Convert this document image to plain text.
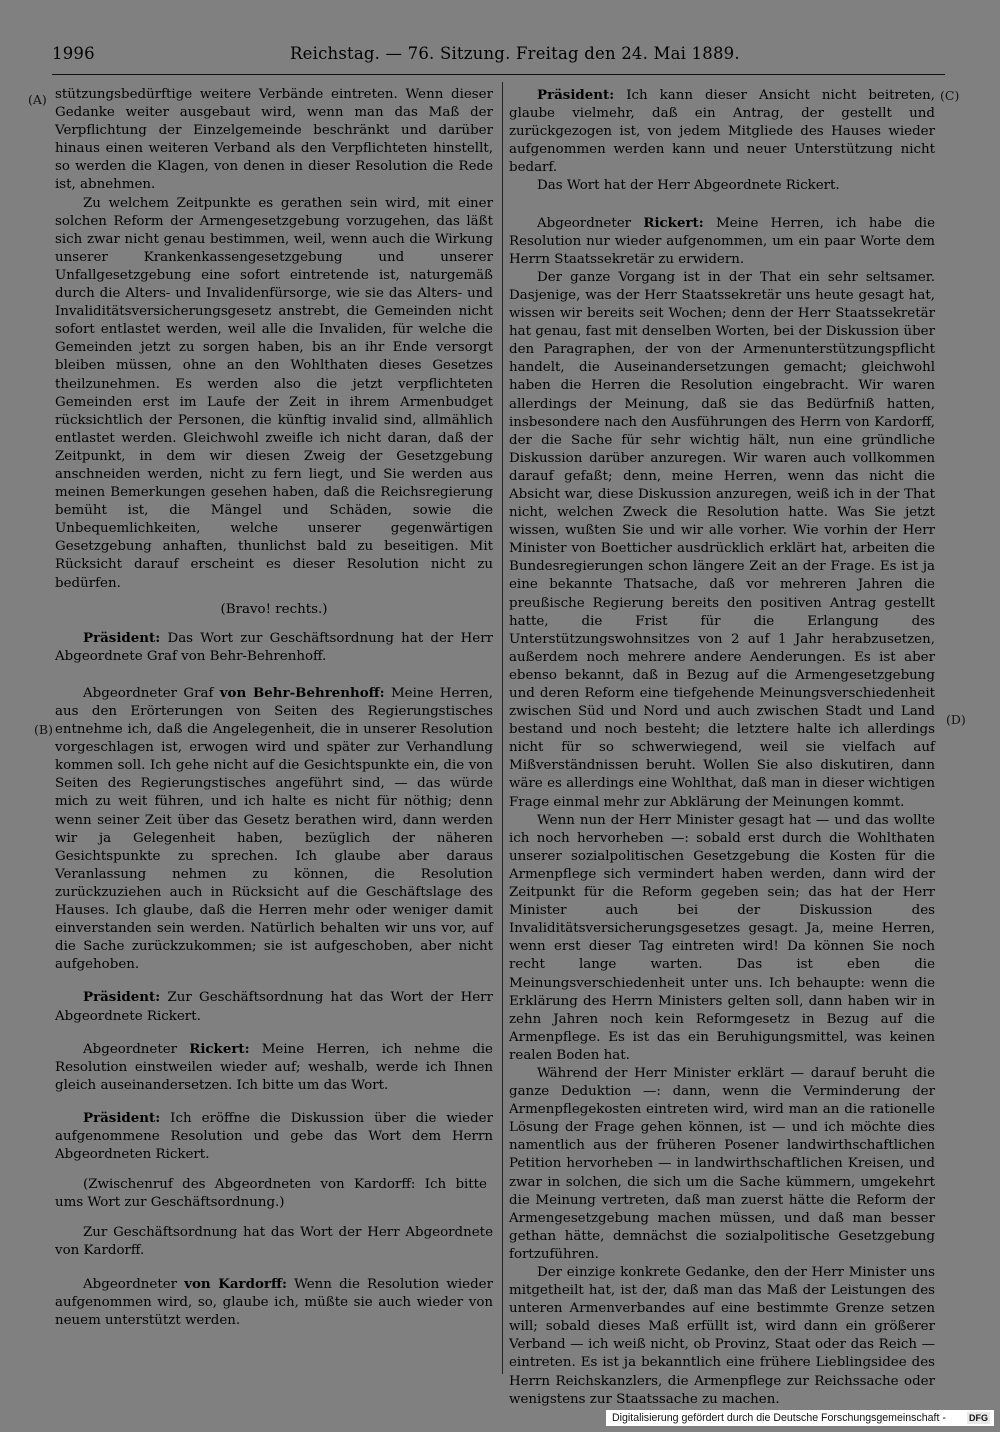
1996	Reichstag. — 76. Sitzung. Freitag den 24. Mai 1889.
(A)
(B)
(C)
(D)

stützungsbedürftige weitere Verbände eintreten. Wenn dieser Gedanke weiter ausgebaut wird, wenn man das Maß der Verpflichtung der Einzelgemeinde beschränkt und darüber hinaus einen weiteren Verband als den Verpflichteten hinstellt, so werden die Klagen, von denen in dieser Resolution die Rede ist, abnehmen.

Zu welchem Zeitpunkte es gerathen sein wird, mit einer solchen Reform der Armengesetzgebung vorzugehen, das läßt sich zwar nicht genau bestimmen, weil, wenn auch die Wirkung unserer Krankenkassengesetzgebung und unserer Unfallgesetzgebung eine sofort eintretende ist, naturgemäß durch die Alters- und Invalidenfürsorge, wie sie das Alters- und Invaliditätsversicherungsgesetz anstrebt, die Gemeinden nicht sofort entlastet werden, weil alle die Invaliden, für welche die Gemeinden jetzt zu sorgen haben, bis an ihr Ende versorgt bleiben müssen, ohne an den Wohlthaten dieses Gesetzes theilzunehmen. Es werden also die jetzt verpflichteten Gemeinden erst im Laufe der Zeit in ihrem Armenbudget rücksichtlich der Personen, die künftig invalid sind, allmählich entlastet werden. Gleichwohl zweifle ich nicht daran, daß der Zeitpunkt, in dem wir diesen Zweig der Gesetzgebung anschneiden werden, nicht zu fern liegt, und Sie werden aus meinen Bemerkungen gesehen haben, daß die Reichsregierung bemüht ist, die Mängel und Schäden, sowie die Unbequemlichkeiten, welche unserer gegenwärtigen Gesetzgebung anhaften, thunlichst bald zu beseitigen. Mit Rücksicht darauf erscheint es dieser Resolution nicht zu bedürfen.

(Bravo! rechts.)

Präsident: Das Wort zur Geschäftsordnung hat der Herr Abgeordnete Graf von Behr-Behrenhoff.

Abgeordneter Graf von Behr-Behrenhoff: Meine Herren, aus den Erörterungen von Seiten des Regierungstisches entnehme ich, daß die Angelegenheit, die in unserer Resolution vorgeschlagen ist, erwogen wird und später zur Verhandlung kommen soll. Ich gehe nicht auf die Gesichtspunkte ein, die von Seiten des Regierungstisches angeführt sind, — das würde mich zu weit führen, und ich halte es nicht für nöthig; denn wenn seiner Zeit über das Gesetz berathen wird, dann werden wir ja Gelegenheit haben, bezüglich der näheren Gesichtspunkte zu sprechen. Ich glaube aber daraus Veranlassung nehmen zu können, die Resolution zurückzuziehen auch in Rücksicht auf die Geschäftslage des Hauses. Ich glaube, daß die Herren mehr oder weniger damit einverstanden sein werden. Natürlich behalten wir uns vor, auf die Sache zurückzukommen; sie ist aufgeschoben, aber nicht aufgehoben.

Präsident: Zur Geschäftsordnung hat das Wort der Herr Abgeordnete Rickert.

Abgeordneter Rickert: Meine Herren, ich nehme die Resolution einstweilen wieder auf; weshalb, werde ich Ihnen gleich auseinandersetzen. Ich bitte um das Wort.

Präsident: Ich eröffne die Diskussion über die wieder aufgenommene Resolution und gebe das Wort dem Herrn Abgeordneten Rickert.

(Zwischenruf des Abgeordneten von Kardorff: Ich bitte ums Wort zur Geschäftsordnung.)

Zur Geschäftsordnung hat das Wort der Herr Abgeordnete von Kardorff.

Abgeordneter von Kardorff: Wenn die Resolution wieder aufgenommen wird, so, glaube ich, müßte sie auch wieder von neuem unterstützt werden.

Präsident: Ich kann dieser Ansicht nicht beitreten, glaube vielmehr, daß ein Antrag, der gestellt und zurückgezogen ist, von jedem Mitgliede des Hauses wieder aufgenommen werden kann und neuer Unterstützung nicht bedarf.

Das Wort hat der Herr Abgeordnete Rickert.

Abgeordneter Rickert: Meine Herren, ich habe die Resolution nur wieder aufgenommen, um ein paar Worte dem Herrn Staatssekretär zu erwidern.

Der ganze Vorgang ist in der That ein sehr seltsamer. Dasjenige, was der Herr Staatssekretär uns heute gesagt hat, wissen wir bereits seit Wochen; denn der Herr Staatssekretär hat genau, fast mit denselben Worten, bei der Diskussion über den Paragraphen, der von der Armenunterstützungspflicht handelt, die Auseinandersetzungen gemacht; gleichwohl haben die Herren die Resolution eingebracht. Wir waren allerdings der Meinung, daß sie das Bedürfniß hatten, insbesondere nach den Ausführungen des Herrn von Kardorff, der die Sache für sehr wichtig hält, nun eine gründliche Diskussion darüber anzuregen. Wir waren auch vollkommen darauf gefaßt; denn, meine Herren, wenn das nicht die Absicht war, diese Diskussion anzuregen, weiß ich in der That nicht, welchen Zweck die Resolution hatte. Was Sie jetzt wissen, wußten Sie und wir alle vorher. Wie vorhin der Herr Minister von Boetticher ausdrücklich erklärt hat, arbeiten die Bundesregierungen schon längere Zeit an der Frage. Es ist ja eine bekannte Thatsache, daß vor mehreren Jahren die preußische Regierung bereits den positiven Antrag gestellt hatte, die Frist für die Erlangung des Unterstützungswohnsitzes von 2 auf 1 Jahr herabzusetzen, außerdem noch mehrere andere Aenderungen. Es ist aber ebenso bekannt, daß in Bezug auf die Armengesetzgebung und deren Reform eine tiefgehende Meinungsverschiedenheit zwischen Süd und Nord und auch zwischen Stadt und Land bestand und noch besteht; die letztere halte ich allerdings nicht für so schwerwiegend, weil sie vielfach auf Mißverständnissen beruht. Wollen Sie also diskutiren, dann wäre es allerdings eine Wohlthat, daß man in dieser wichtigen Frage einmal mehr zur Abklärung der Meinungen kommt.

Wenn nun der Herr Minister gesagt hat — und das wollte ich noch hervorheben —: sobald erst durch die Wohlthaten unserer sozialpolitischen Gesetzgebung die Kosten für die Armenpflege sich vermindert haben werden, dann wird der Zeitpunkt für die Reform gegeben sein; das hat der Herr Minister auch bei der Diskussion des Invaliditätsversicherungsgesetzes gesagt. Ja, meine Herren, wenn erst dieser Tag eintreten wird! Da können Sie noch recht lange warten. Das ist eben die Meinungsverschiedenheit unter uns. Ich behaupte: wenn die Erklärung des Herrn Ministers gelten soll, dann haben wir in zehn Jahren noch kein Reformgesetz in Bezug auf die Armenpflege. Es ist das ein Beruhigungsmittel, was keinen realen Boden hat.

Während der Herr Minister erklärt — darauf beruht die ganze Deduktion —: dann, wenn die Verminderung der Armenpflegekosten eintreten wird, wird man an die rationelle Lösung der Frage gehen können, ist — und ich möchte dies namentlich aus der früheren Posener landwirthschaftlichen Petition hervorheben — in landwirthschaftlichen Kreisen, und zwar in solchen, die sich um die Sache kümmern, umgekehrt die Meinung vertreten, daß man zuerst hätte die Reform der Armengesetzgebung machen müssen, und daß man besser gethan hätte, demnächst die sozialpolitische Gesetzgebung fortzuführen.

Der einzige konkrete Gedanke, den der Herr Minister uns mitgetheilt hat, ist der, daß man das Maß der Leistungen des unteren Armenverbandes auf eine bestimmte Grenze setzen will; sobald dieses Maß erfüllt ist, wird dann ein größerer Verband — ich weiß nicht, ob Provinz, Staat oder das Reich — eintreten. Es ist ja bekanntlich eine frühere Lieblingsidee des Herrn Reichskanzlers, die Armenpflege zur Reichssache oder wenigstens zur Staatssache zu machen.

Digitalisierung gefördert durch die Deutsche Forschungsgemeinschaft -	DFG
